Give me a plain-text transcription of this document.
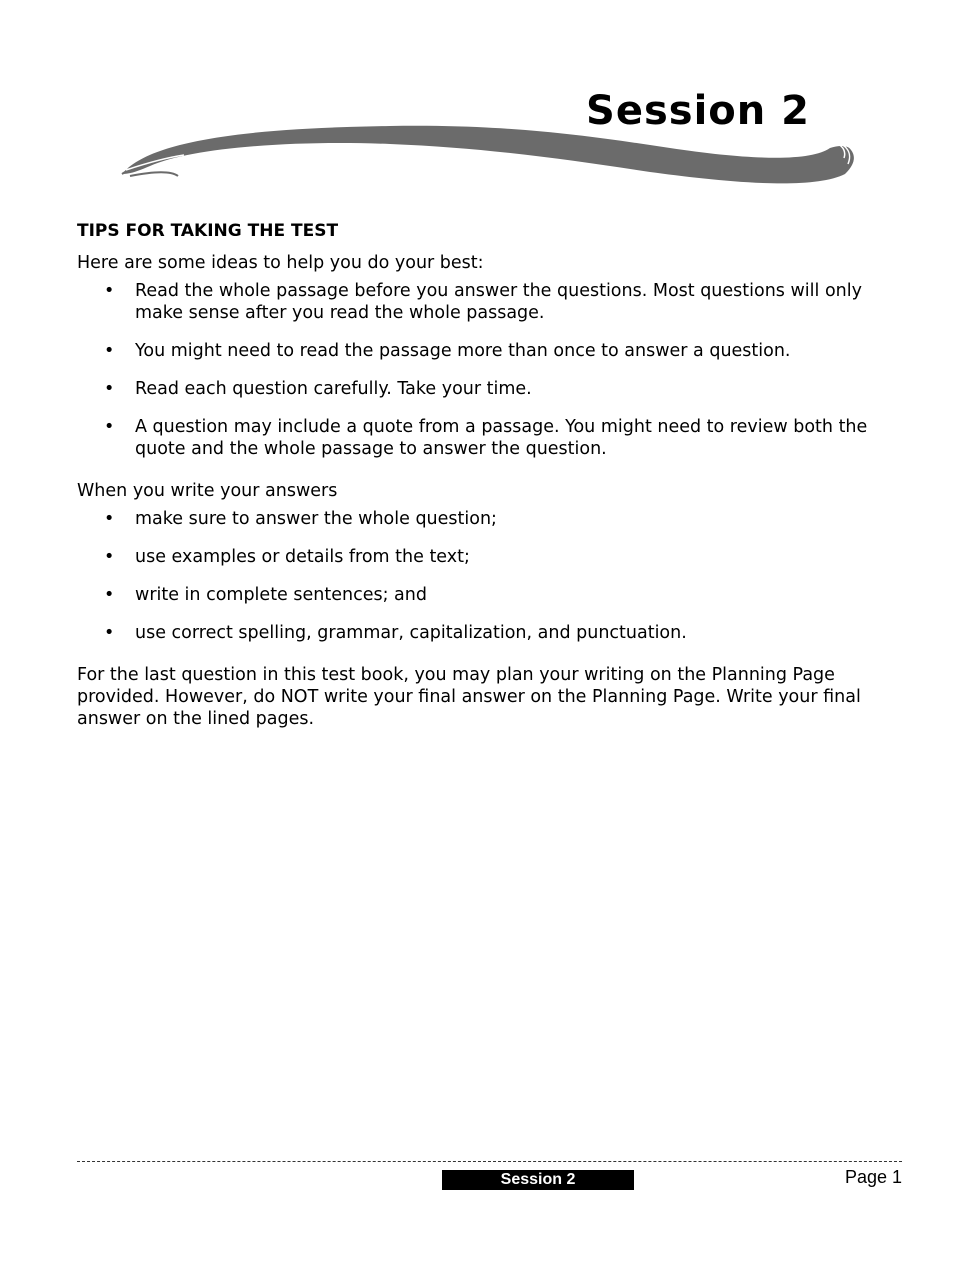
Session 2

TIPS FOR TAKING THE TEST

Here are some ideas to help you do your best:

• Read the whole passage before you answer the questions. Most questions will only make sense after you read the whole passage.
• You might need to read the passage more than once to answer a question.
• Read each question carefully. Take your time.
• A question may include a quote from a passage. You might need to review both the quote and the whole passage to answer the question.

When you write your answers

• make sure to answer the whole question;
• use examples or details from the text;
• write in complete sentences; and
• use correct spelling, grammar, capitalization, and punctuation.

For the last question in this test book, you may plan your writing on the Planning Page provided. However, do NOT write your final answer on the Planning Page. Write your final answer on the lined pages.

Session 2	Page 1
